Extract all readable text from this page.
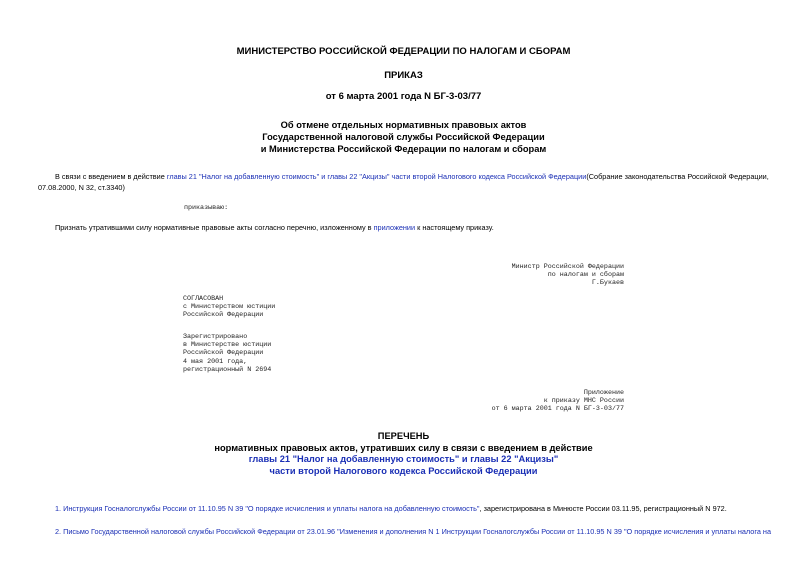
МИНИСТЕРСТВО РОССИЙСКОЙ ФЕДЕРАЦИИ ПО НАЛОГАМ И СБОРАМ
ПРИКАЗ
от 6 марта 2001 года N БГ-3-03/77
Об отмене отдельных нормативных правовых актов
Государственной налоговой службы Российской Федерации
и Министерства Российской Федерации по налогам и сборам
В связи с введением в действие главы 21 "Налог на добавленную стоимость" и главы 22 "Акцизы" части второй Налогового кодекса Российской Федерации(Собрание законодательства Российской Федерации,
07.08.2000, N 32, ст.3340)
приказываю:
Признать утратившими силу нормативные правовые акты согласно перечню, изложенному в приложении к настоящему приказу.
Министр Российской Федерации
по налогам и сборам
Г.Букаев
СОГЛАСОВАН
с Министерством юстиции
Российской Федерации
Зарегистрировано
в Министерстве юстиции
Российской Федерации
4 мая 2001 года,
регистрационный N 2694
Приложение
к приказу МНС России
от 6 марта 2001 года N БГ-3-03/77
ПЕРЕЧЕНЬ
нормативных правовых актов, утративших силу в связи с введением в действие
главы 21 "Налог на добавленную стоимость" и главы 22 "Акцизы"
части второй Налогового кодекса Российской Федерации
1. Инструкция Госналогслужбы России от 11.10.95 N 39 "О порядке исчисления и уплаты налога на добавленную стоимость", зарегистрирована в Минюсте России 03.11.95, регистрационный N 972.
2. Письмо Государственной налоговой службы Российской Федерации от 23.01.96 "Изменения и дополнения N 1 Инструкции Госналогслужбы России от 11.10.95 N 39 "О порядке исчисления и уплаты налога на
